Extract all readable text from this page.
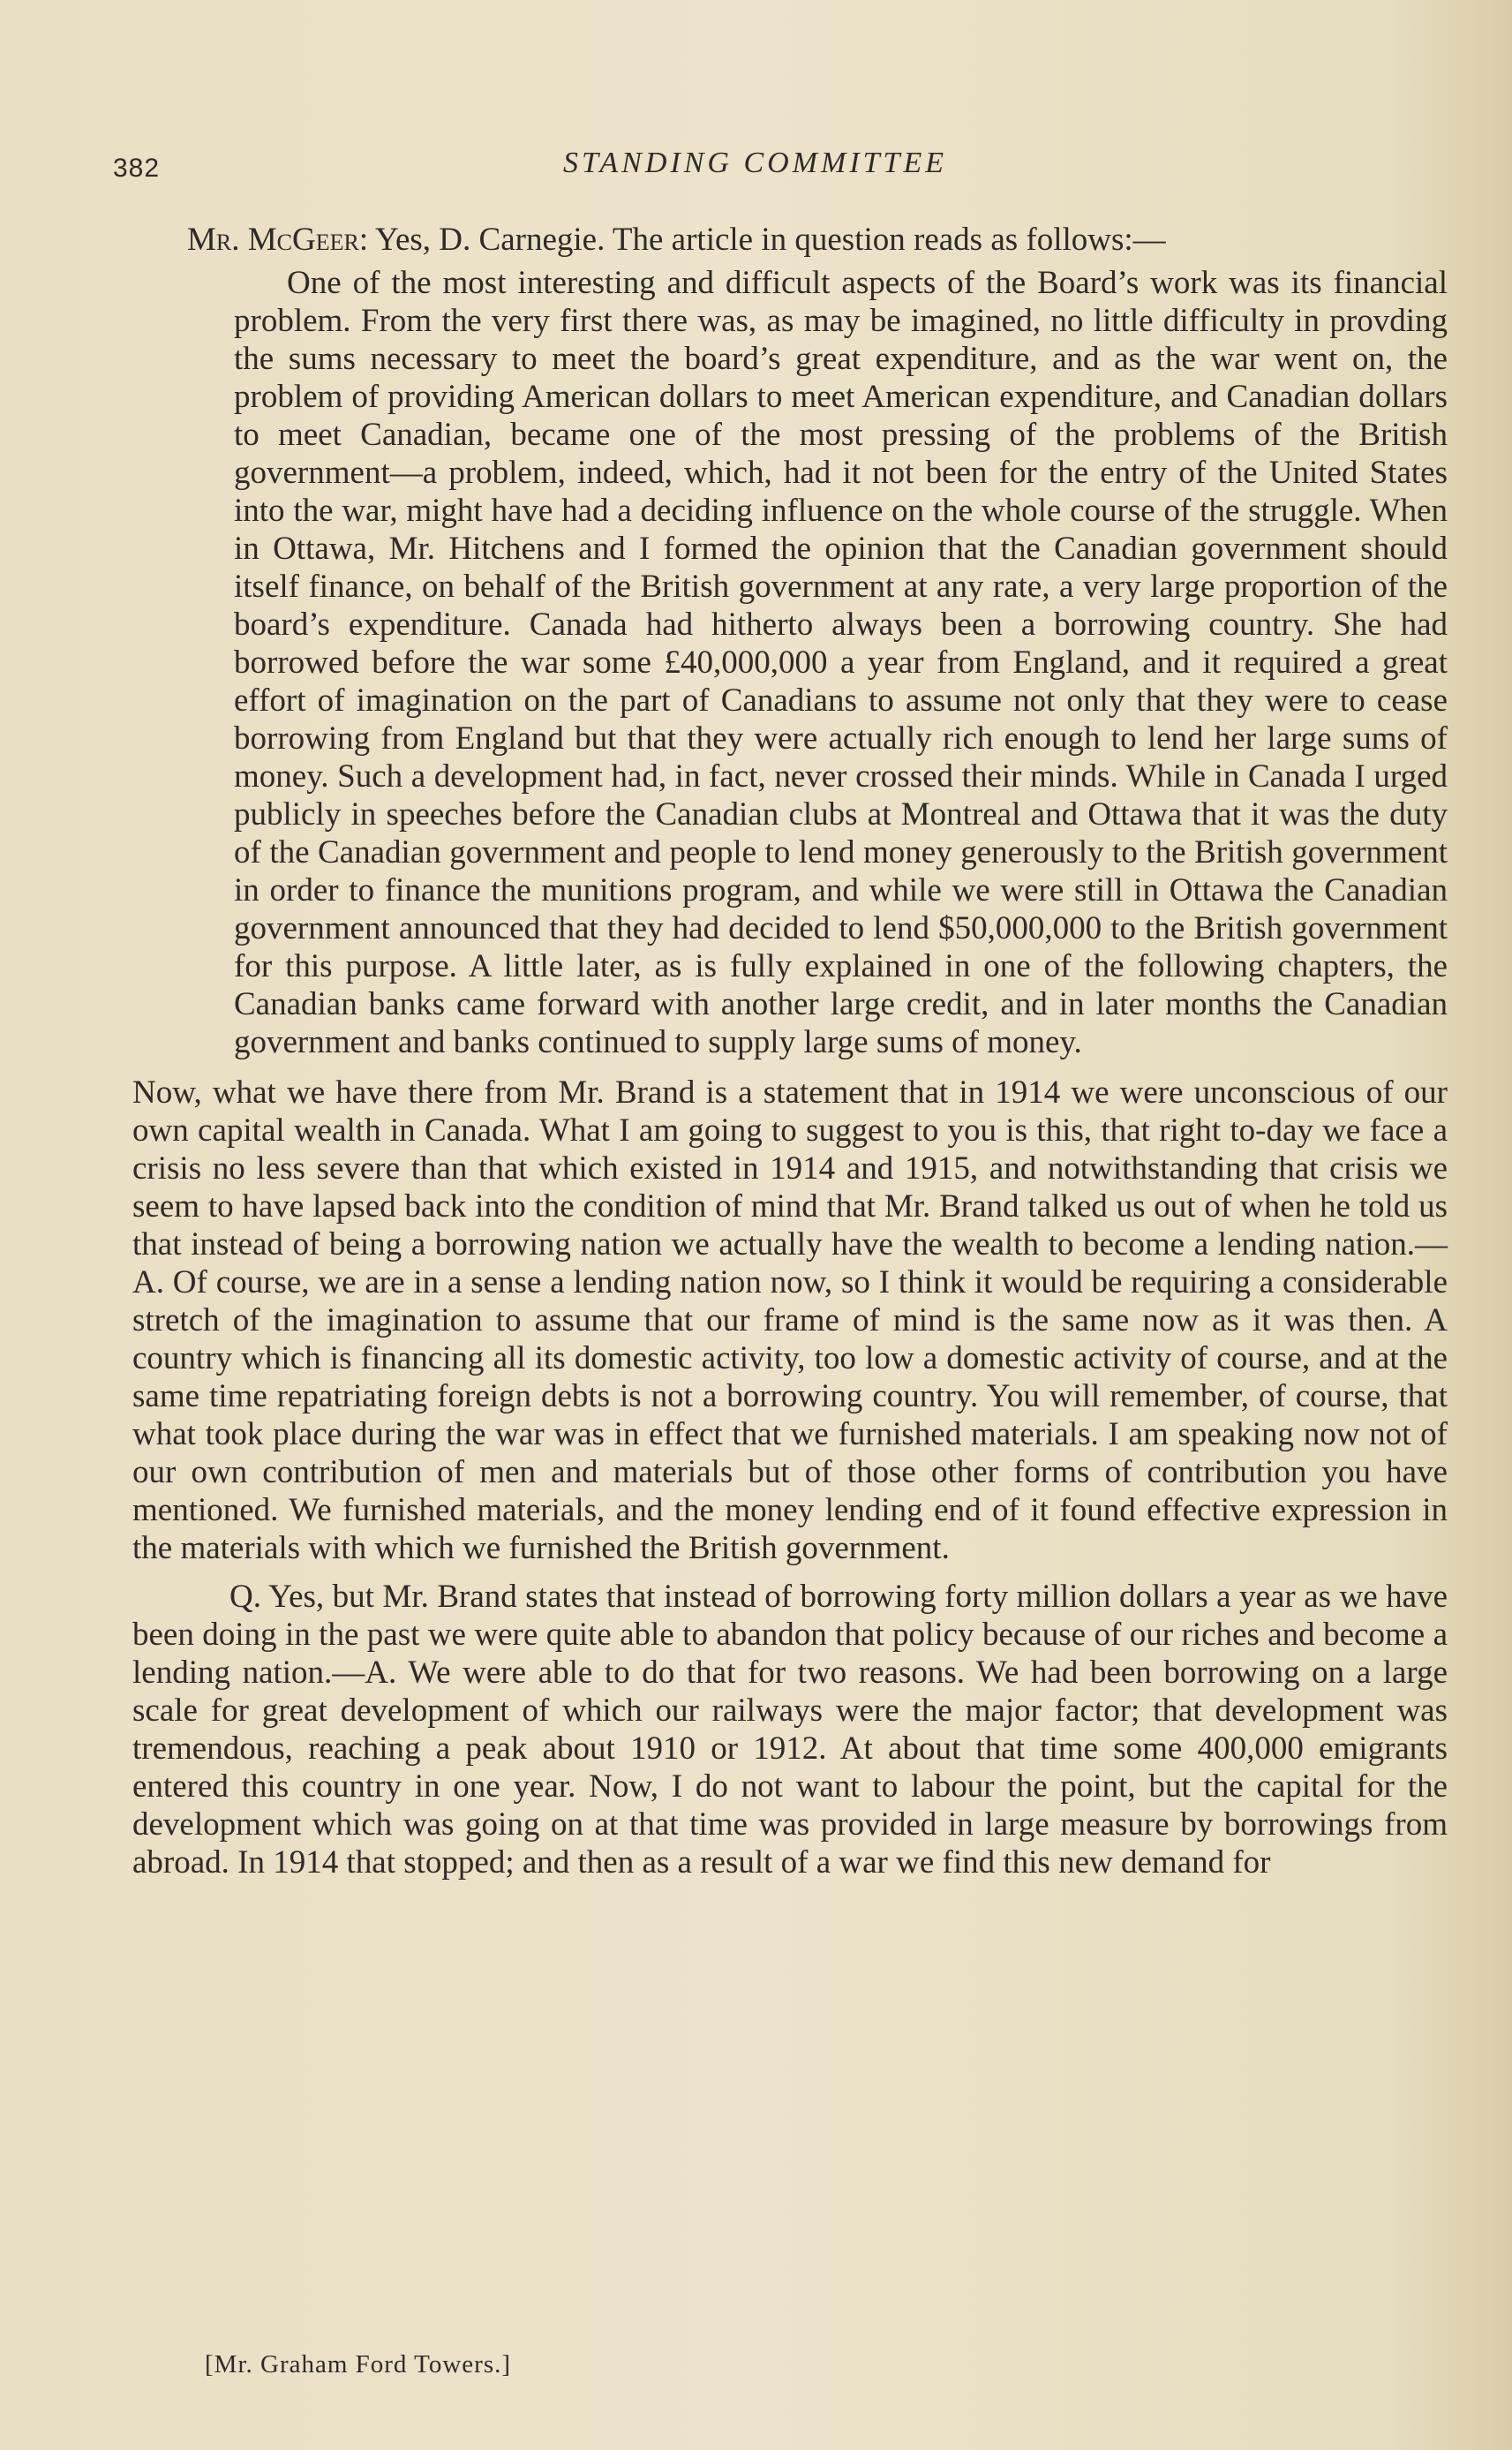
382	STANDING COMMITTEE

Mr. McGeer: Yes, D. Carnegie. The article in question reads as follows:—

One of the most interesting and difficult aspects of the Board’s work was its financial problem. From the very first there was, as may be imagined, no little difficulty in provding the sums necessary to meet the board’s great expenditure, and as the war went on, the problem of providing American dollars to meet American expenditure, and Canadian dollars to meet Canadian, became one of the most pressing of the problems of the British government—a problem, indeed, which, had it not been for the entry of the United States into the war, might have had a deciding influence on the whole course of the struggle. When in Ottawa, Mr. Hitchens and I formed the opinion that the Canadian government should itself finance, on behalf of the British government at any rate, a very large proportion of the board’s expenditure. Canada had hitherto always been a borrowing country. She had borrowed before the war some £40,000,000 a year from England, and it required a great effort of imagination on the part of Canadians to assume not only that they were to cease borrowing from England but that they were actually rich enough to lend her large sums of money. Such a development had, in fact, never crossed their minds. While in Canada I urged publicly in speeches before the Canadian clubs at Montreal and Ottawa that it was the duty of the Canadian government and people to lend money generously to the British government in order to finance the munitions program, and while we were still in Ottawa the Canadian government announced that they had decided to lend $50,000,000 to the British government for this purpose. A little later, as is fully explained in one of the following chapters, the Canadian banks came forward with another large credit, and in later months the Canadian government and banks continued to supply large sums of money.

Now, what we have there from Mr. Brand is a statement that in 1914 we were unconscious of our own capital wealth in Canada. What I am going to suggest to you is this, that right to-day we face a crisis no less severe than that which existed in 1914 and 1915, and notwithstanding that crisis we seem to have lapsed back into the condition of mind that Mr. Brand talked us out of when he told us that instead of being a borrowing nation we actually have the wealth to become a lending nation.—A. Of course, we are in a sense a lending nation now, so I think it would be requiring a considerable stretch of the imagination to assume that our frame of mind is the same now as it was then. A country which is financing all its domestic activity, too low a domestic activity of course, and at the same time repatriating foreign debts is not a borrowing country. You will remember, of course, that what took place during the war was in effect that we furnished materials. I am speaking now not of our own contribution of men and materials but of those other forms of contribution you have mentioned. We furnished materials, and the money lending end of it found effective expression in the materials with which we furnished the British government.

Q. Yes, but Mr. Brand states that instead of borrowing forty million dollars a year as we have been doing in the past we were quite able to abandon that policy because of our riches and become a lending nation.—A. We were able to do that for two reasons. We had been borrowing on a large scale for great development of which our railways were the major factor; that development was tremendous, reaching a peak about 1910 or 1912. At about that time some 400,000 emigrants entered this country in one year. Now, I do not want to labour the point, but the capital for the development which was going on at that time was provided in large measure by borrowings from abroad. In 1914 that stopped; and then as a result of a war we find this new demand for

[Mr. Graham Ford Towers.]
